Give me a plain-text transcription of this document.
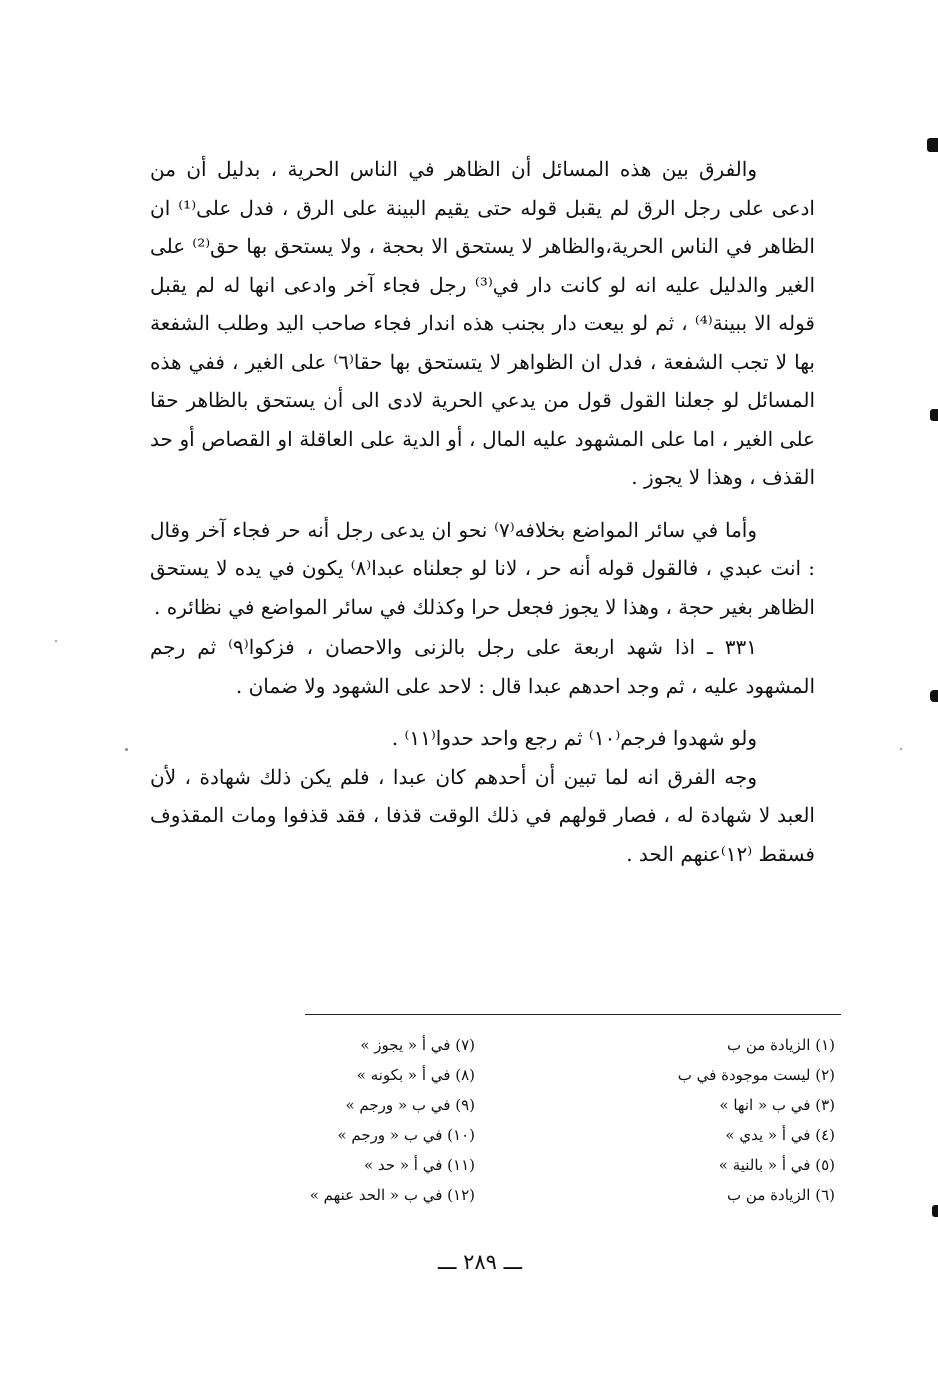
والفرق بين هذه المسائل أن الظاهر في الناس الحرية ، بدليل أن من ادعى على رجل الرق لم يقبل قوله حتى يقيم البينة على الرق ، فدل على⁽¹⁾ ان الظاهر في الناس الحرية،والظاهر لا يستحق الا بحجة ، ولا يستحق بها حق⁽²⁾ على الغير والدليل عليه انه لو كانت دار في⁽³⁾ رجل فجاء آخر وادعى انها له لم يقبل قوله الا ببينة⁽⁴⁾ ، ثم لو بيعت دار بجنب هذه اندار فجاء صاحب اليد وطلب الشفعة بها لا تجب الشفعة ، فدل ان الظواهر لا يتستحق بها حقا⁽٦⁾ على الغير ، ففي هذه المسائل لو جعلنا القول قول من يدعي الحرية لادى الى أن يستحق بالظاهر حقا على الغير ، اما على المشهود عليه المال ، أو الدية على العاقلة او القصاص أو حد القذف ، وهذا لا يجوز .

وأما في سائر المواضع بخلافه⁽٧⁾ نحو ان يدعى رجل أنه حر فجاء آخر وقال : انت عبدي ، فالقول قوله أنه حر ، لانا لو جعلناه عبدا⁽٨⁾ يكون في يده لا يستحق الظاهر بغير حجة ، وهذا لا يجوز فجعل حرا وكذلك في سائر المواضع في نظائره .

٣٣١ ـ اذا شهد اربعة على رجل بالزنى والاحصان ، فزكوا⁽٩⁾ ثم رجم المشهود عليه ، ثم وجد احدهم عبدا قال : لاحد على الشهود ولا ضمان .

ولو شهدوا فرجم⁽١٠⁾ ثم رجع واحد حدوا⁽١١⁾ .

وجه الفرق انه لما تبين أن أحدهم كان عبدا ، فلم يكن ذلك شهادة ، لأن العبد لا شهادة له ، فصار قولهم في ذلك الوقت قذفا ، فقد قذفوا ومات المقذوف فسقط ⁽١٢⁾عنهم الحد .

(١) الزيادة من ب
(٢) ليست موجودة في ب
(٣) في ب « انها »
(٤) في أ « يدي »
(٥) في أ « بالنية »
(٦) الزيادة من ب
(٧) في أ « يجوز »
(٨) في أ « بكونه »
(٩) في ب « ورجم »
(١٠) في ب « ورجم »
(١١) في أ « حد »
(١٢) في ب « الحد عنهم »
ـــ ٢٨٩ ـــ
